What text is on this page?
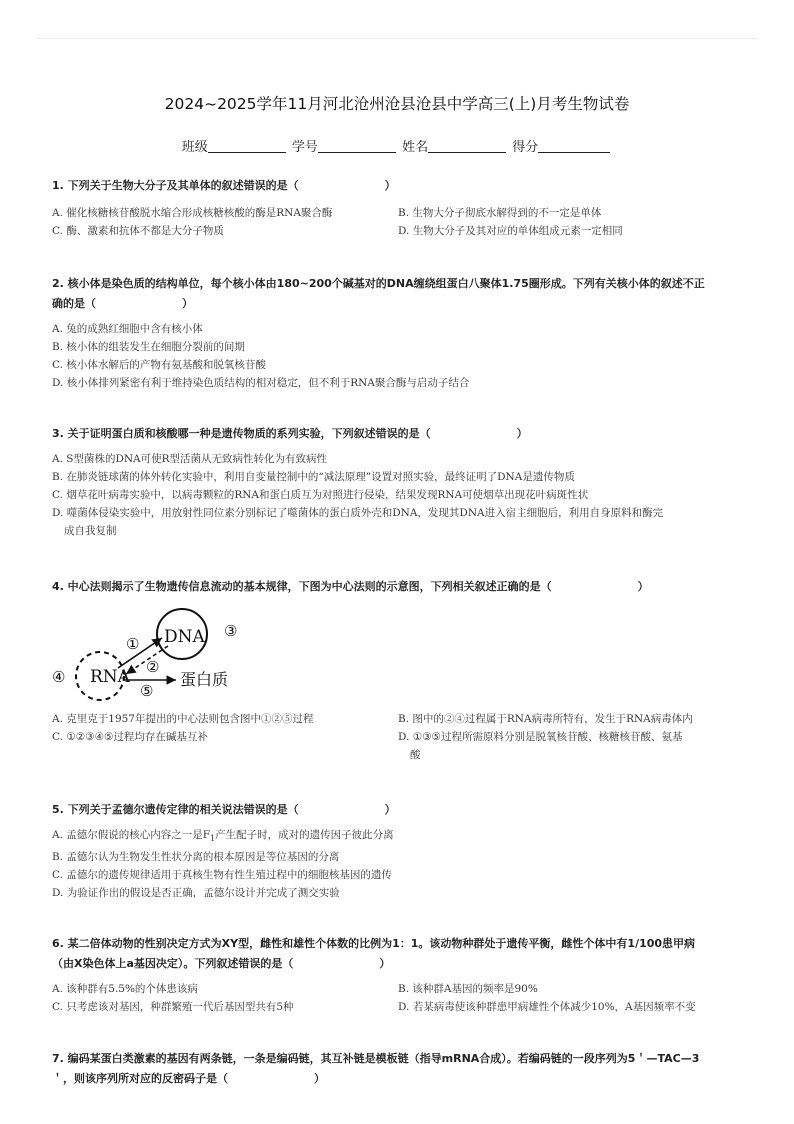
2024~2025学年11月河北沧州沧县沧县中学高三(上)月考生物试卷
班级	学号	姓名	得分
1. 下列关于生物大分子及其单体的叙述错误的是（	）
A. 催化核糖核苷酸脱水缩合形成核糖核酸的酶是RNA聚合酶	B. 生物大分子彻底水解得到的不一定是单体
C. 酶、激素和抗体不都是大分子物质	D. 生物大分子及其对应的单体组成元素一定相同
2. 核小体是染色质的结构单位，每个核小体由180~200个碱基对的DNA缠绕组蛋白八聚体1.75圈形成。下列有关核小体的叙述不正
确的是（	）
A. 兔的成熟红细胞中含有核小体
B. 核小体的组装发生在细胞分裂前的间期
C. 核小体水解后的产物有氨基酸和脱氧核苷酸
D. 核小体排列紧密有利于维持染色质结构的相对稳定，但不利于RNA聚合酶与启动子结合
3. 关于证明蛋白质和核酸哪一种是遗传物质的系列实验，下列叙述错误的是（	）
A. S型菌株的DNA可使R型活菌从无致病性转化为有致病性
B. 在肺炎链球菌的体外转化实验中，利用自变量控制中的“减法原理”设置对照实验，最终证明了DNA是遗传物质
C. 烟草花叶病毒实验中，以病毒颗粒的RNA和蛋白质互为对照进行侵染，结果发现RNA可使烟草出现花叶病斑性状
D. 噬菌体侵染实验中，用放射性同位素分别标记了噬菌体的蛋白质外壳和DNA，发现其DNA进入宿主细胞后，利用自身原料和酶完
成自我复制
4. 中心法则揭示了生物遗传信息流动的基本规律，下图为中心法则的示意图，下列相关叙述正确的是（	）
DNA
RNA	蛋白质
①
②
③
④
⑤
A. 克里克于1957年提出的中心法则包含图中①②⑤过程	B. 图中的②④过程属于RNA病毒所特有，发生于RNA病毒体内
C. ①②③④⑤过程均存在碱基互补	D. ①③⑤过程所需原料分别是脱氧核苷酸、核糖核苷酸、氨基
酸
5. 下列关于孟德尔遗传定律的相关说法错误的是（	）
A. 孟德尔假说的核心内容之一是$F_1$产生配子时，成对的遗传因子彼此分离
B. 孟德尔认为生物发生性状分离的根本原因是等位基因的分离
C. 孟德尔的遗传规律适用于真核生物有性生殖过程中的细胞核基因的遗传
D. 为验证作出的假设是否正确，孟德尔设计并完成了测交实验
6. 某二倍体动物的性别决定方式为XY型，雌性和雄性个体数的比例为1：1。该动物种群处于遗传平衡，雌性个体中有1/100患甲病
（由X染色体上a基因决定）。下列叙述错误的是（	）
A. 该种群有5.5%的个体患该病	B. 该种群A基因的频率是90%
C. 只考虑该对基因，种群繁殖一代后基因型共有5种	D. 若某病毒使该种群患甲病雄性个体减少10%，A基因频率不变
7. 编码某蛋白类激素的基因有两条链，一条是编码链，其互补链是模板链（指导mRNA合成）。若编码链的一段序列为5＇—TAC—3
＇，则该序列所对应的反密码子是（	）
